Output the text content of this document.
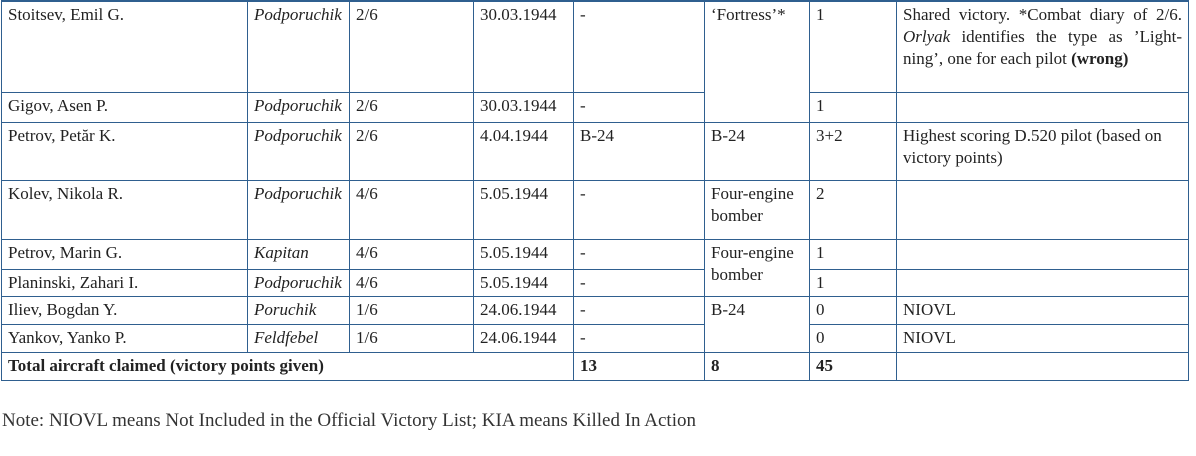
Stoitsev, Emil G.	Podporuchik	2/6	30.03.1944	-	‘Fortress’*	1	Shared victory. *Combat diary of 2/6. Orlyak identifies the type as ’Light-ning’, one for each pilot (wrong)
Gigov, Asen P.	Podporuchik	2/6	30.03.1944	-		1	
Petrov, Petăr K.	Podporuchik	2/6	4.04.1944	B-24	B-24	3+2	Highest scoring D.520 pilot (based on victory points)
Kolev, Nikola R.	Podporuchik	4/6	5.05.1944	-	Four-engine bomber	2	
Petrov, Marin G.	Kapitan	4/6	5.05.1944	-	Four-engine bomber	1	
Planinski, Zahari I.	Podporuchik	4/6	5.05.1944	-		1	
Iliev, Bogdan Y.	Poruchik	1/6	24.06.1944	-	B-24	0	NIOVL
Yankov, Yanko P.	Feldfebel	1/6	24.06.1944	-		0	NIOVL
Total aircraft claimed (victory points given)				13	8	45	
Note: NIOVL means Not Included in the Official Victory List; KIA means Killed In Action
